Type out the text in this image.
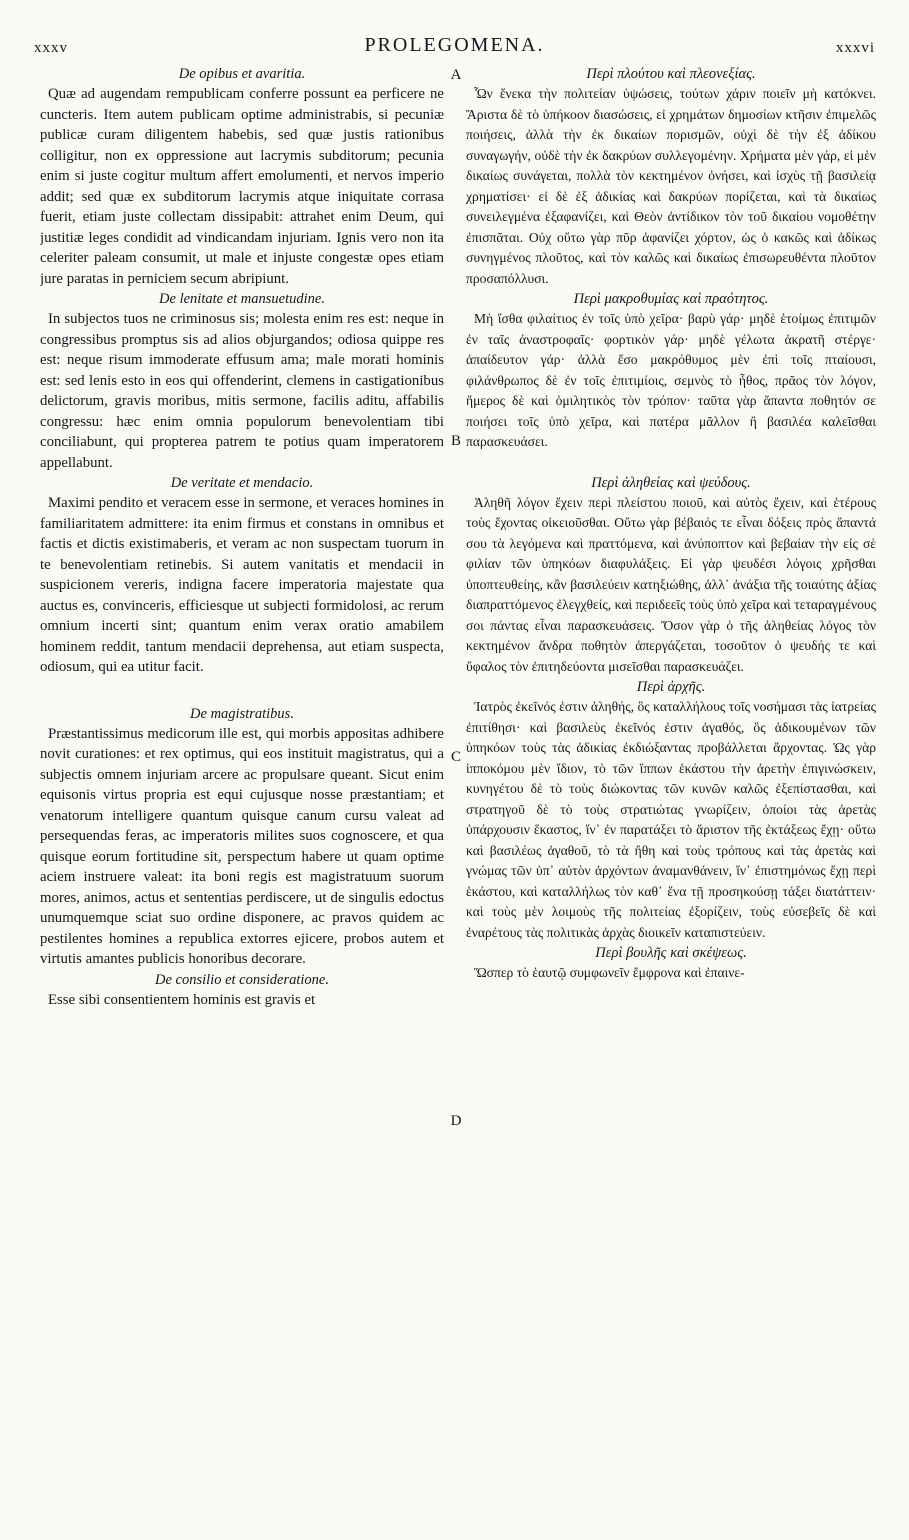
xxxv	PROLEGOMENA.	xxxvi
A
B
C
D
De opibus et avaritia.

Quæ ad augendam rempublicam conferre possunt ea perficere ne cuncteris. Item autem publicam optime administrabis, si pecuniæ publicæ curam diligentem habebis, sed quæ justis rationibus colligitur, non ex oppressione aut lacrymis subditorum; pecunia enim si juste cogitur multum affert emolumenti, et nervos imperio addit; sed quæ ex subditorum lacrymis atque iniquitate corrasa fuerit, etiam juste collectam dissipabit: attrahet enim Deum, qui justitiæ leges condidit ad vindicandam injuriam. Ignis vero non ita celeriter paleam consumit, ut male et injuste congestæ opes etiam jure paratas in perniciem secum abripiunt.

De lenitate et mansuetudine.

In subjectos tuos ne criminosus sis; molesta enim res est: neque in congressibus promptus sis ad alios objurgandos; odiosa quippe res est: neque risum immoderate effusum ama; male morati hominis est: sed lenis esto in eos qui offenderint, clemens in castigationibus delictorum, gravis moribus, mitis sermone, facilis aditu, affabilis congressu: hæc enim omnia populorum benevolentiam tibi conciliabunt, qui propterea patrem te potius quam imperatorem appellabunt.

De veritate et mendacio.

Maximi pendito et veracem esse in sermone, et veraces homines in familiaritatem admittere: ita enim firmus et constans in omnibus et factis et dictis existimaberis, et veram ac non suspectam tuorum in te benevolentiam retinebis. Si autem vanitatis et mendacii in suspicionem vereris, indigna facere imperatoria majestate qua auctus es, convinceris, efficiesque ut subjecti formidolosi, ac rerum omnium incerti sint; quantum enim verax oratio amabilem hominem reddit, tantum mendacii deprehensa, aut etiam suspecta, odiosum, qui ea utitur facit.

De magistratibus.

Præstantissimus medicorum ille est, qui morbis appositas adhibere novit curationes: et rex optimus, qui eos instituit magistratus, qui a subjectis omnem injuriam arcere ac propulsare queant. Sicut enim equisonis virtus propria est equi cujusque nosse præstantiam; et venatorum intelligere quantum quisque canum cursu valeat ad persequendas feras, ac imperatoris milites suos cognoscere, et qua quisque eorum fortitudine sit, perspectum habere ut quam optime aciem instruere valeat: ita boni regis est magistratuum suorum mores, animos, actus et sententias perdiscere, ut de singulis edoctus unumquemque sciat suo ordine disponere, ac pravos quidem ac pestilentes homines a republica extorres ejicere, probos autem et virtutis amantes publicis honoribus decorare.

De consilio et consideratione.

Esse sibi consentientem hominis est gravis et

Περὶ πλούτου καὶ πλεονεξίας.

Ὧν ἕνεκα τὴν πολιτείαν ὑψώσεις, τούτων χάριν ποιεῖν μὴ κατόκνει. Ἄριστα δὲ τὸ ὑπήκοον διασώσεις, εἰ χρημάτων δημοσίων κτῆσιν ἐπιμελῶς ποιήσεις, ἀλλὰ τὴν ἐκ δικαίων πορισμῶν, οὐχὶ δὲ τὴν ἐξ ἀδίκου συναγωγήν, οὐδὲ τὴν ἐκ δακρύων συλλεγομένην. Χρήματα μὲν γάρ, εἰ μὲν δικαίως συνάγεται, πολλὰ τὸν κεκτημένον ὀνήσει, καὶ ἰσχὺς τῇ βασιλείᾳ χρηματίσει· εἰ δὲ ἐξ ἀδικίας καὶ δακρύων πορίζεται, καὶ τὰ δικαίως συνειλεγμένα ἐξαφανίζει, καὶ Θεὸν ἀντίδικον τὸν τοῦ δικαίου νομοθέτην ἐπισπᾶται. Οὐχ οὕτω γὰρ πῦρ ἀφανίζει χόρτον, ὡς ὁ κακῶς καὶ ἀδίκως συνηγμένος πλοῦτος, καὶ τὸν καλῶς καὶ δικαίως ἐπισωρευθέντα πλοῦτον προσαπόλλυσι.

Περὶ μακροθυμίας καὶ πραότητος.

Μὴ ἴσθα φιλαίτιος ἐν τοῖς ὑπὸ χεῖρα· βαρὺ γάρ· μηδὲ ἑτοίμως ἐπιτιμῶν ἐν ταῖς ἀναστροφαῖς· φορτικὸν γάρ· μηδὲ γέλωτα ἀκρατῆ στέργε· ἀπαίδευτον γάρ· ἀλλὰ ἔσο μακρόθυμος μὲν ἐπὶ τοῖς πταίουσι, φιλάνθρωπος δὲ ἐν τοῖς ἐπιτιμίοις, σεμνὸς τὸ ἦθος, πρᾶος τὸν λόγον, ἥμερος δὲ καὶ ὁμιλητικὸς τὸν τρόπον· ταῦτα γὰρ ἅπαντα ποθητόν σε ποιήσει τοῖς ὑπὸ χεῖρα, καὶ πατέρα μᾶλλον ἢ βασιλέα καλεῖσθαι παρασκευάσει.

Περὶ ἀληθείας καὶ ψεύδους.

Ἀληθῆ λόγον ἔχειν περὶ πλείστου ποιοῦ, καὶ αὐτὸς ἔχειν, καὶ ἑτέρους τοὺς ἔχοντας οἰκειοῦσθαι. Οὕτω γὰρ βέβαιός τε εἶναι δόξεις πρὸς ἅπαντά σου τὰ λεγόμενα καὶ πραττόμενα, καὶ ἀνύποπτον καὶ βεβαίαν τὴν εἰς σὲ φιλίαν τῶν ὑπηκόων διαφυλάξεις. Εἰ γὰρ ψευδέσι λόγοις χρῆσθαι ὑποπτευθείης, κἂν βασιλεύειν κατηξιώθης, ἀλλ᾽ ἀνάξια τῆς τοιαύτης ἀξίας διαπραττόμενος ἐλεγχθείς, καὶ περιδεεῖς τοὺς ὑπὸ χεῖρα καὶ τεταραγμένους σοι πάντας εἶναι παρασκευάσεις. Ὅσον γὰρ ὁ τῆς ἀληθείας λόγος τὸν κεκτημένον ἄνδρα ποθητὸν ἀπεργάζεται, τοσοῦτον ὁ ψευδής τε καὶ ὕφαλος τὸν ἐπιτηδεύοντα μισεῖσθαι παρασκευάζει.

Περὶ ἀρχῆς.

Ἰατρὸς ἐκεῖνός ἐστιν ἀληθής, ὃς καταλλήλους τοῖς νοσήμασι τὰς ἰατρείας ἐπιτίθησι· καὶ βασιλεὺς ἐκεῖνός ἐστιν ἀγαθός, ὃς ἀδικουμένων τῶν ὑπηκόων τοὺς τὰς ἀδικίας ἐκδιώξαντας προβάλλεται ἄρχοντας. Ὡς γὰρ ἱπποκόμου μὲν ἴδιον, τὸ τῶν ἵππων ἑκάστου τὴν ἀρετὴν ἐπιγινώσκειν, κυνηγέτου δὲ τὸ τοὺς διώκοντας τῶν κυνῶν καλῶς ἐξεπίστασθαι, καὶ στρατηγοῦ δὲ τὸ τοὺς στρατιώτας γνωρίζειν, ὁποίοι τὰς ἀρετὰς ὑπάρχουσιν ἕκαστος, ἵν᾽ ἐν παρατάξει τὸ ἄριστον τῆς ἐκτάξεως ἔχῃ· οὕτω καὶ βασιλέως ἀγαθοῦ, τὸ τὰ ἤθη καὶ τοὺς τρόπους καὶ τὰς ἀρετὰς καὶ γνώμας τῶν ὑπ᾽ αὐτὸν ἀρχόντων ἀναμανθάνειν, ἵν᾽ ἐπιστημόνως ἔχῃ περὶ ἑκάστου, καὶ καταλλήλως τὸν καθ᾽ ἕνα τῇ προσηκούσῃ τάξει διατάττειν· καὶ τοὺς μὲν λοιμοὺς τῆς πολιτείας ἐξορίζειν, τοὺς εὐσεβεῖς δὲ καὶ ἐναρέτους τὰς πολιτικὰς ἀρχὰς διοικεῖν καταπιστεύειν.

Περὶ βουλῆς καὶ σκέψεως.

Ὥσπερ τὸ ἑαυτῷ συμφωνεῖν ἔμφρονα καὶ ἐπαινε-
